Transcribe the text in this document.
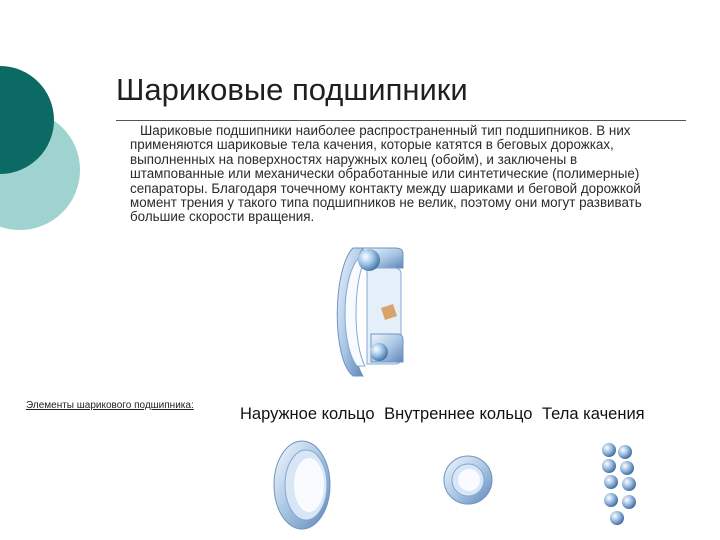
Шариковые подшипники
Шариковые подшипники наиболее распространенный тип подшипников. В них применяются шариковые тела качения, которые катятся в беговых дорожках, выполненных на поверхностях наружных колец (обойм), и заключены в штампованные или механически обработанные или синтетические (полимерные) сепараторы. Благодаря точечному контакту между шариками и беговой дорожкой момент трения у такого типа подшипников не велик, поэтому они могут развивать большие скорости вращения.
Элементы шарикового подшипника:	Наружное кольцо Внутреннее кольцо Тела качения
